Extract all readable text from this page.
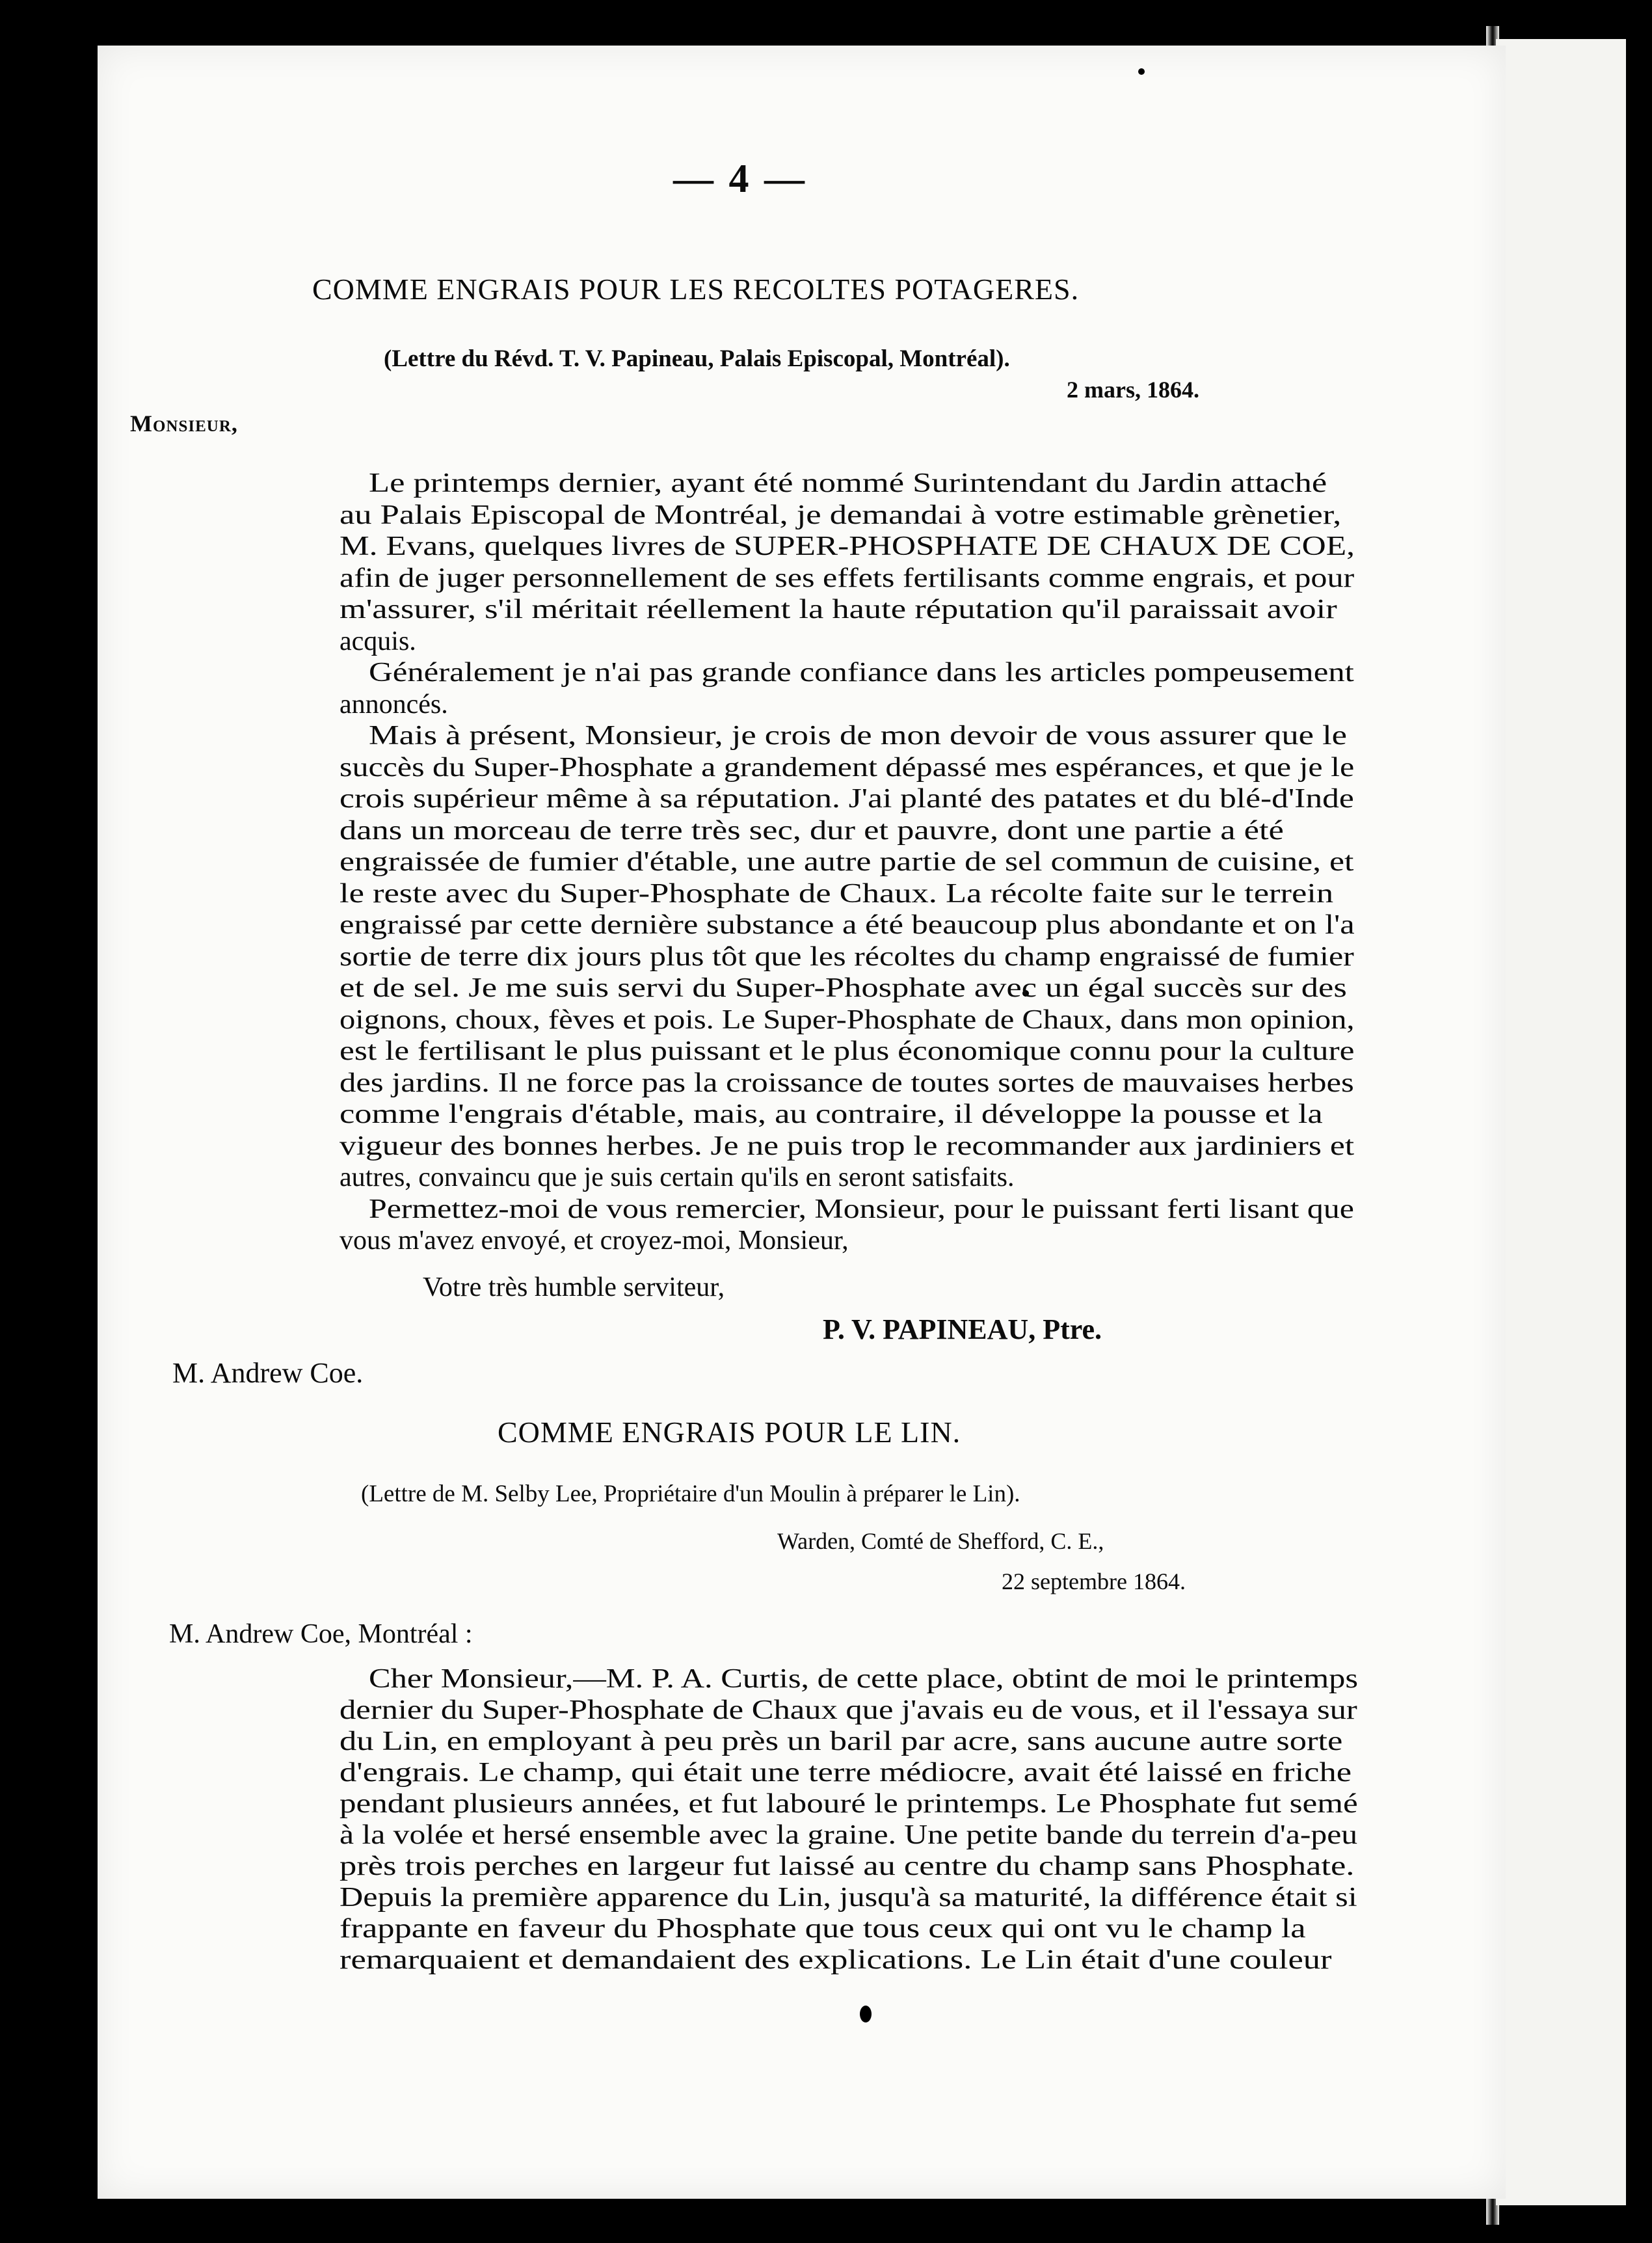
— 4 —
COMME ENGRAIS POUR LES RECOLTES POTAGERES.
(Lettre du Révd. T. V. Papineau, Palais Episcopal, Montréal).
2 mars, 1864.
Monsieur,

Le printemps dernier, ayant été nommé Surintendant du Jardin attaché

au Palais Episcopal de Montréal, je demandai à votre estimable grènetier,

M. Evans, quelques livres de SUPER-PHOSPHATE DE CHAUX DE COE,

afin de juger personnellement de ses effets fertilisants comme engrais, et pour

m'assurer, s'il méritait réellement la haute réputation qu'il paraissait avoir

acquis.

Généralement je n'ai pas grande confiance dans les articles pompeusement

annoncés.

Mais à présent, Monsieur, je crois de mon devoir de vous assurer que le

succès du Super-Phosphate a grandement dépassé mes espérances, et que je le

crois supérieur même à sa réputation. J'ai planté des patates et du blé-d'Inde

dans un morceau de terre très sec, dur et pauvre, dont une partie a été

engraissée de fumier d'étable, une autre partie de sel commun de cuisine, et

le reste avec du Super-Phosphate de Chaux. La récolte faite sur le terrein

engraissé par cette dernière substance a été beaucoup plus abondante et on l'a

sortie de terre dix jours plus tôt que les récoltes du champ engraissé de fumier

et de sel. Je me suis servi du Super-Phosphate avec un égal succès sur des

oignons, choux, fèves et pois. Le Super-Phosphate de Chaux, dans mon opinion,

est le fertilisant le plus puissant et le plus économique connu pour la culture

des jardins. Il ne force pas la croissance de toutes sortes de mauvaises herbes

comme l'engrais d'étable, mais, au contraire, il développe la pousse et la

vigueur des bonnes herbes. Je ne puis trop le recommander aux jardiniers et

autres, convaincu que je suis certain qu'ils en seront satisfaits.

Permettez-moi de vous remercier, Monsieur, pour le puissant ferti lisant que

vous m'avez envoyé, et croyez-moi, Monsieur,

Votre très humble serviteur,
P. V. PAPINEAU, Ptre.
M. Andrew Coe.
COMME ENGRAIS POUR LE LIN.
(Lettre de M. Selby Lee, Propriétaire d'un Moulin à préparer le Lin).
Warden, Comté de Shefford, C. E.,
22 septembre 1864.
M. Andrew Coe, Montréal :

Cher Monsieur,—M. P. A. Curtis, de cette place, obtint de moi le printemps

dernier du Super-Phosphate de Chaux que j'avais eu de vous, et il l'essaya sur

du Lin, en employant à peu près un baril par acre, sans aucune autre sorte

d'engrais. Le champ, qui était une terre médiocre, avait été laissé en friche

pendant plusieurs années, et fut labouré le printemps. Le Phosphate fut semé

à la volée et hersé ensemble avec la graine. Une petite bande du terrein d'a-peu

près trois perches en largeur fut laissé au centre du champ sans Phosphate.

Depuis la première apparence du Lin, jusqu'à sa maturité, la différence était si

frappante en faveur du Phosphate que tous ceux qui ont vu le champ la

remarquaient et demandaient des explications. Le Lin était d'une couleur
